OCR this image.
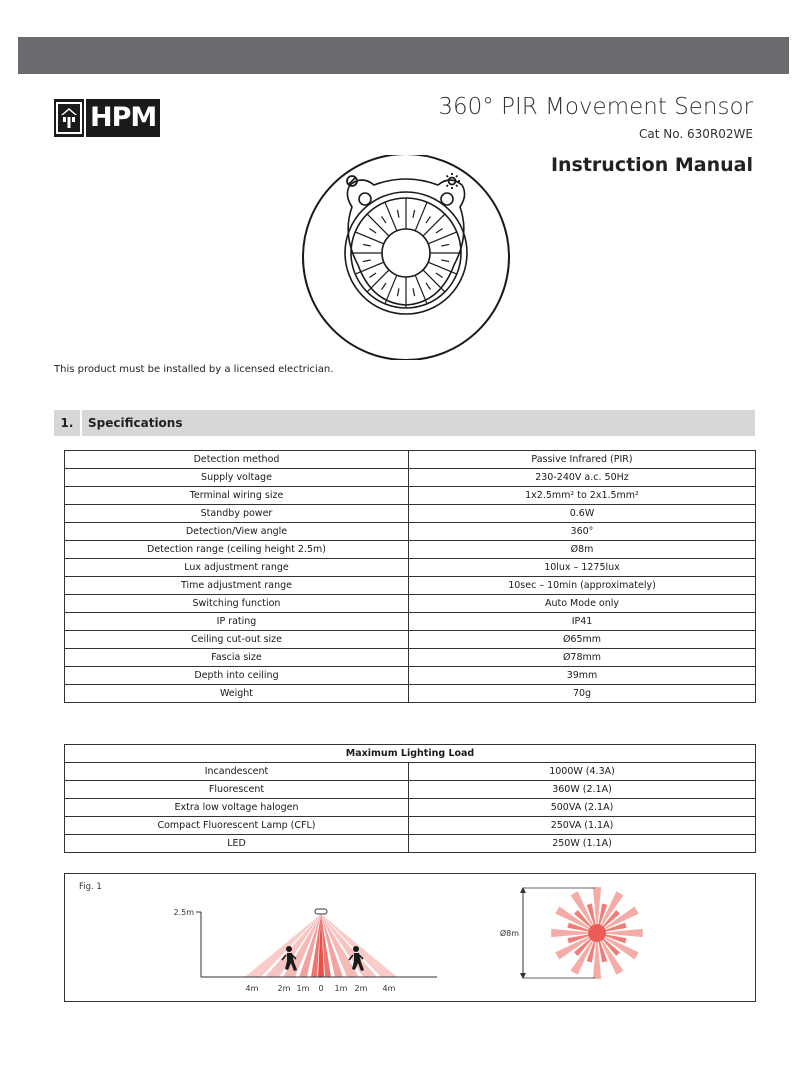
HPM	360° PIR Movement Sensor
Cat No. 630R02WE
Instruction Manual
This product must be installed by a licensed electrician.
1.	Specifications
Detection method	Passive Infrared (PIR)
Supply voltage	230-240V a.c. 50Hz
Terminal wiring size	1x2.5mm² to 2x1.5mm²
Standby power	0.6W
Detection/View angle	360°
Detection range (ceiling height 2.5m)	Ø8m
Lux adjustment range	10lux – 1275lux
Time adjustment range	10sec – 10min (approximately)
Switching function	Auto Mode only
IP rating	IP41
Ceiling cut-out size	Ø65mm
Fascia size	Ø78mm
Depth into ceiling	39mm
Weight	70g
Maximum Lighting Load	
Incandescent	1000W (4.3A)
Fluorescent	360W (2.1A)
Extra low voltage halogen	500VA (2.1A)
Compact Fluorescent Lamp (CFL)	250VA (1.1A)
LED	250W (1.1A)
Fig. 1
2.5m
4m 2m 1m 0 1m 2m 4m
Ø8m
